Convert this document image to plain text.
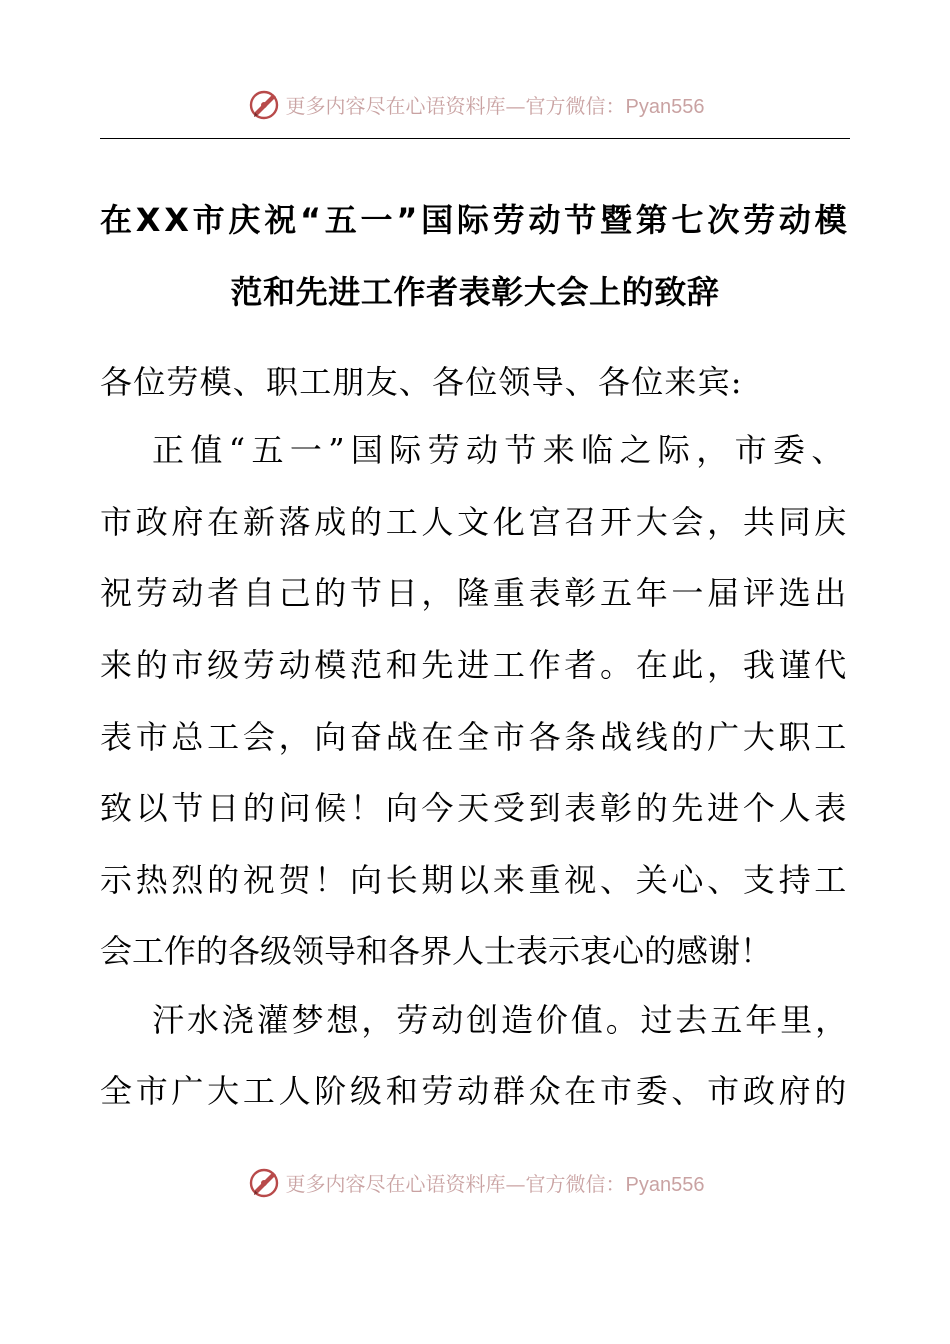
更多内容尽在心语资料库—官方微信：Pyan556
在XX市庆祝“五一”国际劳动节暨第七次劳动模
范和先进工作者表彰大会上的致辞
各位劳模、职工朋友、各位领导、各位来宾:
正值“五一”国际劳动节来临之际，市委、
市政府在新落成的工人文化宫召开大会，共同庆
祝劳动者自己的节日，隆重表彰五年一届评选出
来的市级劳动模范和先进工作者。在此，我谨代
表市总工会，向奋战在全市各条战线的广大职工
致以节日的问候！向今天受到表彰的先进个人表
示热烈的祝贺！向长期以来重视、关心、支持工
会工作的各级领导和各界人士表示衷心的感谢！
汗水浇灌梦想，劳动创造价值。过去五年里，
全市广大工人阶级和劳动群众在市委、市政府的
更多内容尽在心语资料库—官方微信：Pyan556
